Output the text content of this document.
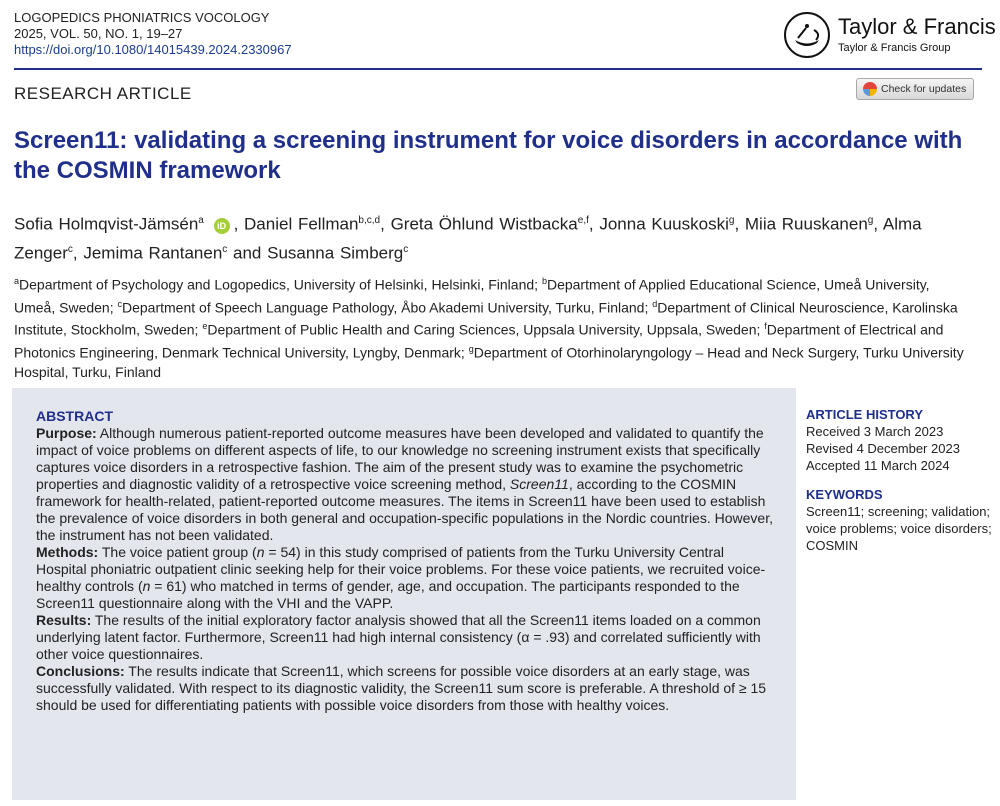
LOGOPEDICS PHONIATRICS VOCOLOGY
2025, VOL. 50, NO. 1, 19–27
https://doi.org/10.1080/14015439.2024.2330967
Taylor & Francis
Taylor & Francis Group
RESEARCH ARTICLE	Check for updates
Screen11: validating a screening instrument for voice disorders in accordance with the COSMIN framework
Sofia Holmqvist-Jämsén$^a$ iD , Daniel Fellman$^{b,c,d}$, Greta Öhlund Wistbacka$^{e,f}$, Jonna Kuuskoski$^g$, Miia Ruuskanen$^g$, Alma Zenger$^c$, Jemima Rantanen$^c$ and Susanna Simberg$^c$
$^a$Department of Psychology and Logopedics, University of Helsinki, Helsinki, Finland; $^b$Department of Applied Educational Science, Umeå University, Umeå, Sweden; $^c$Department of Speech Language Pathology, Åbo Akademi University, Turku, Finland; $^d$Department of Clinical Neuroscience, Karolinska Institute, Stockholm, Sweden; $^e$Department of Public Health and Caring Sciences, Uppsala University, Uppsala, Sweden; $^f$Department of Electrical and Photonics Engineering, Denmark Technical University, Lyngby, Denmark; $^g$Department of Otorhinolaryngology – Head and Neck Surgery, Turku University Hospital, Turku, Finland
ABSTRACT

Purpose: Although numerous patient-reported outcome measures have been developed and validated to quantify the impact of voice problems on different aspects of life, to our knowledge no screening instrument exists that specifically captures voice disorders in a retrospective fashion. The aim of the present study was to examine the psychometric properties and diagnostic validity of a retrospective voice screening method, Screen11, according to the COSMIN framework for health-related, patient-reported outcome measures. The items in Screen11 have been used to establish the prevalence of voice disorders in both general and occupation-specific populations in the Nordic countries. However, the instrument has not been validated.

Methods: The voice patient group (n = 54) in this study comprised of patients from the Turku University Central Hospital phoniatric outpatient clinic seeking help for their voice problems. For these voice patients, we recruited voice-healthy controls (n = 61) who matched in terms of gender, age, and occupation. The participants responded to the Screen11 questionnaire along with the VHI and the VAPP.

Results: The results of the initial exploratory factor analysis showed that all the Screen11 items loaded on a common underlying latent factor. Furthermore, Screen11 had high internal consistency (α = .93) and correlated sufficiently with other voice questionnaires.

Conclusions: The results indicate that Screen11, which screens for possible voice disorders at an early stage, was successfully validated. With respect to its diagnostic validity, the Screen11 sum score is preferable. A threshold of ≥ 15 should be used for differentiating patients with possible voice disorders from those with healthy voices.

ARTICLE HISTORY
Received 3 March 2023
Revised 4 December 2023
Accepted 11 March 2024
KEYWORDS
Screen11; screening; validation; voice problems; voice disorders; COSMIN
